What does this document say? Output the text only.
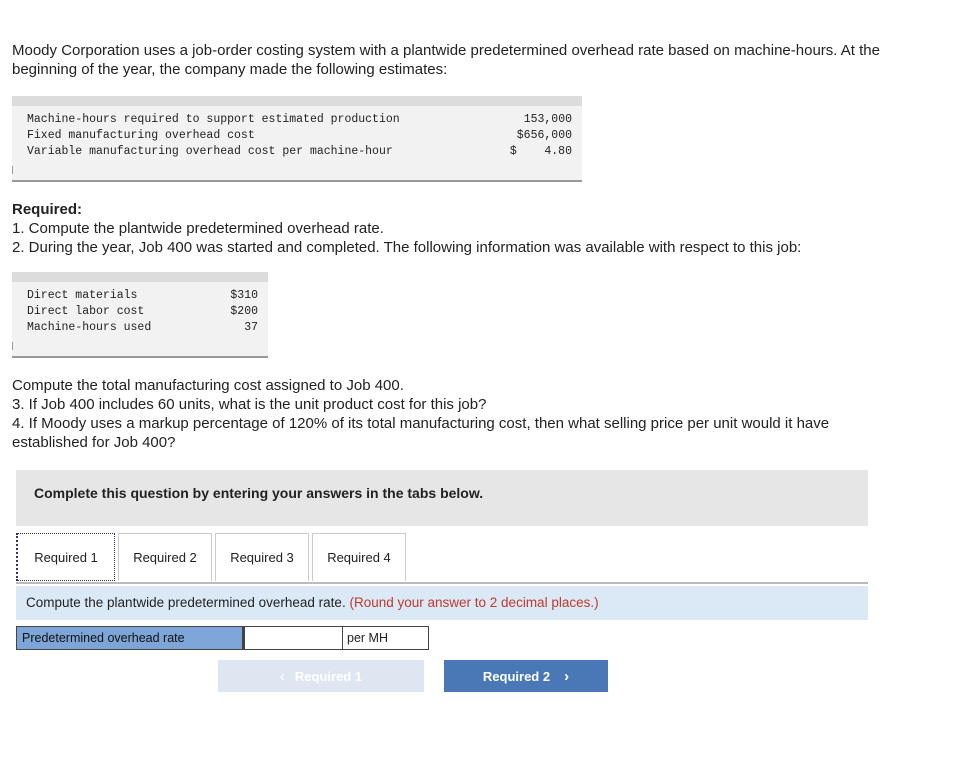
Moody Corporation uses a job-order costing system with a plantwide predetermined overhead rate based on machine-hours. At the
beginning of the year, the company made the following estimates:
Machine-hours required to support estimated production	153,000
Fixed manufacturing overhead cost	$656,000
Variable manufacturing overhead cost per machine-hour	$    4.80
Required:
1. Compute the plantwide predetermined overhead rate.
2. During the year, Job 400 was started and completed. The following information was available with respect to this job:
Direct materials	$310
Direct labor cost	$200
Machine-hours used	37
Compute the total manufacturing cost assigned to Job 400.
3. If Job 400 includes 60 units, what is the unit product cost for this job?
4. If Moody uses a markup percentage of 120% of its total manufacturing cost, then what selling price per unit would it have
established for Job 400?
Complete this question by entering your answers in the tabs below.
Required 1	Required 2	Required 3	Required 4
Compute the plantwide predetermined overhead rate. (Round your answer to 2 decimal places.)
Predetermined overhead rate	per MH
‹ Required 1	Required 2 ›
